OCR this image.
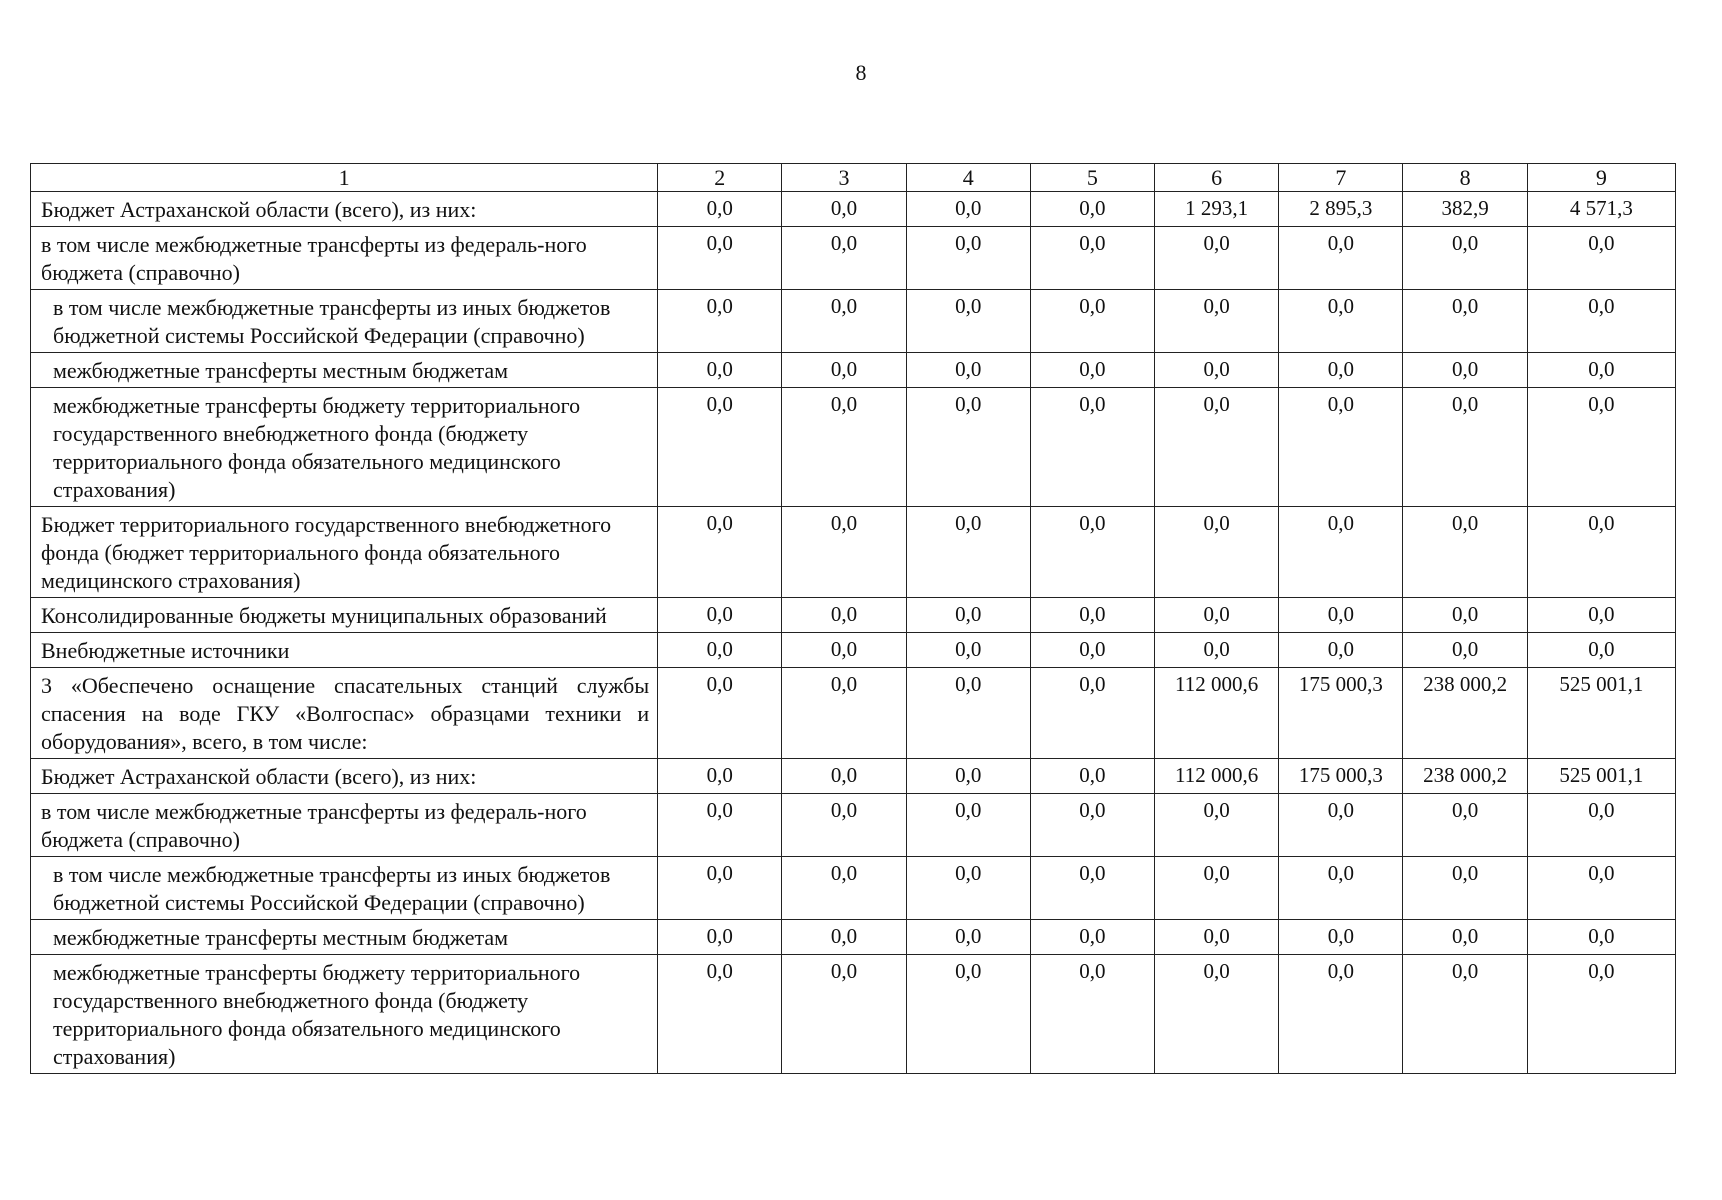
8
1	2	3	4	5	6	7	8	9
Бюджет Астраханской области (всего), из них:	0,0	0,0	0,0	0,0	1 293,1	2 895,3	382,9	4 571,3
в том числе межбюджетные трансферты из федераль-ного бюджета (справочно)	0,0	0,0	0,0	0,0	0,0	0,0	0,0	0,0
в том числе межбюджетные трансферты из иных бюджетов бюджетной системы Российской Федерации (справочно)	0,0	0,0	0,0	0,0	0,0	0,0	0,0	0,0
межбюджетные трансферты местным бюджетам	0,0	0,0	0,0	0,0	0,0	0,0	0,0	0,0
межбюджетные трансферты бюджету территориального государственного внебюджетного фонда (бюджету территориального фонда обязательного медицинского страхования)	0,0	0,0	0,0	0,0	0,0	0,0	0,0	0,0
Бюджет территориального государственного внебюджетного фонда (бюджет территориального фонда обязательного медицинского страхования)	0,0	0,0	0,0	0,0	0,0	0,0	0,0	0,0
Консолидированные бюджеты муниципальных образований	0,0	0,0	0,0	0,0	0,0	0,0	0,0	0,0
Внебюджетные источники	0,0	0,0	0,0	0,0	0,0	0,0	0,0	0,0
3 «Обеспечено оснащение спасательных станций службы спасения на воде ГКУ «Волгоспас» образцами техники и оборудования», всего, в том числе:	0,0	0,0	0,0	0,0	112 000,6	175 000,3	238 000,2	525 001,1
Бюджет Астраханской области (всего), из них:	0,0	0,0	0,0	0,0	112 000,6	175 000,3	238 000,2	525 001,1
в том числе межбюджетные трансферты из федераль-ного бюджета (справочно)	0,0	0,0	0,0	0,0	0,0	0,0	0,0	0,0
в том числе межбюджетные трансферты из иных бюджетов бюджетной системы Российской Федерации (справочно)	0,0	0,0	0,0	0,0	0,0	0,0	0,0	0,0
межбюджетные трансферты местным бюджетам	0,0	0,0	0,0	0,0	0,0	0,0	0,0	0,0
межбюджетные трансферты бюджету территориального государственного внебюджетного фонда (бюджету территориального фонда обязательного медицинского страхования)	0,0	0,0	0,0	0,0	0,0	0,0	0,0	0,0
